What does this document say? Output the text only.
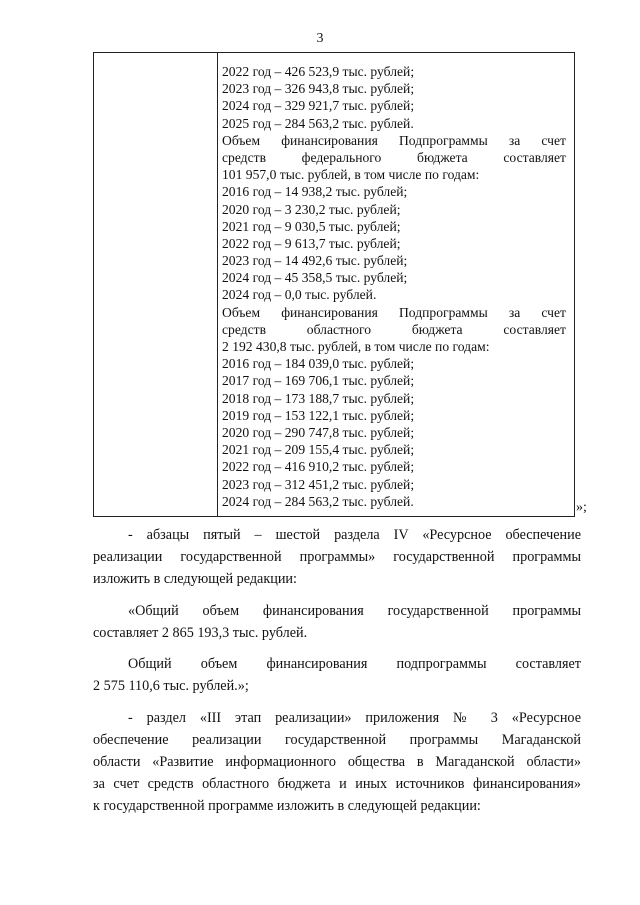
3
2022 год – 426 523,9 тыс. рублей;
2023 год – 326 943,8 тыс. рублей;
2024 год – 329 921,7 тыс. рублей;
2025 год – 284 563,2 тыс. рублей.
Объем финансирования Подпрограммы за счет
средств федерального бюджета составляет
101 957,0 тыс. рублей, в том числе по годам:
2016 год – 14 938,2 тыс. рублей;
2020 год – 3 230,2 тыс. рублей;
2021 год – 9 030,5 тыс. рублей;
2022 год – 9 613,7 тыс. рублей;
2023 год – 14 492,6 тыс. рублей;
2024 год – 45 358,5 тыс. рублей;
2024 год – 0,0 тыс. рублей.
Объем финансирования Подпрограммы за счет
средств областного бюджета составляет
2 192 430,8 тыс. рублей, в том числе по годам:
2016 год – 184 039,0 тыс. рублей;
2017 год – 169 706,1 тыс. рублей;
2018 год – 173 188,7 тыс. рублей;
2019 год – 153 122,1 тыс. рублей;
2020 год – 290 747,8 тыс. рублей;
2021 год – 209 155,4 тыс. рублей;
2022 год – 416 910,2 тыс. рублей;
2023 год – 312 451,2 тыс. рублей;
2024 год – 284 563,2 тыс. рублей.	»;
- абзацы пятый – шестой раздела IV «Ресурсное обеспечение
реализации государственной программы» государственной программы
изложить в следующей редакции:
«Общий объем финансирования государственной программы
составляет 2 865 193,3 тыс. рублей.
Общий объем финансирования подпрограммы составляет
2 575 110,6 тыс. рублей.»;
- раздел «III этап реализации» приложения № 3 «Ресурсное
обеспечение реализации государственной программы Магаданской
области «Развитие информационного общества в Магаданской области»
за счет средств областного бюджета и иных источников финансирования»
к государственной программе изложить в следующей редакции:
